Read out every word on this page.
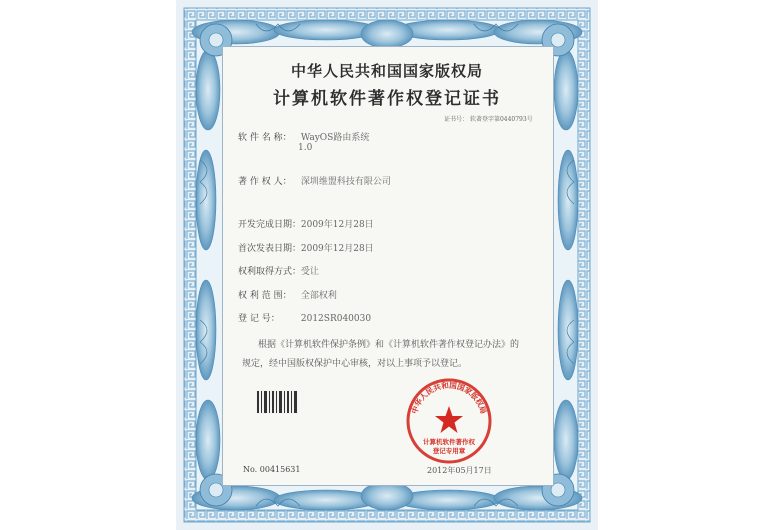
中华人民共和国国家版权局
计算机软件著作权登记证书
证书号： 软著登字第0440793号
软 件 名 称： WayOS路由系统
1.0
著 作 权 人： 深圳维盟科技有限公司
开发完成日期： 2009年12月28日
首次发表日期： 2009年12月28日
权利取得方式： 受让
权 利 范 围： 全部权利
登 记 号： 2012SR040030
根据《计算机软件保护条例》和《计算机软件著作权登记办法》的
规定，经中国版权保护中心审核，对以上事项予以登记。
No. 00415631	2012年05月17日
中华人民共和国国家版权局
计算机软件著作权
登记专用章
